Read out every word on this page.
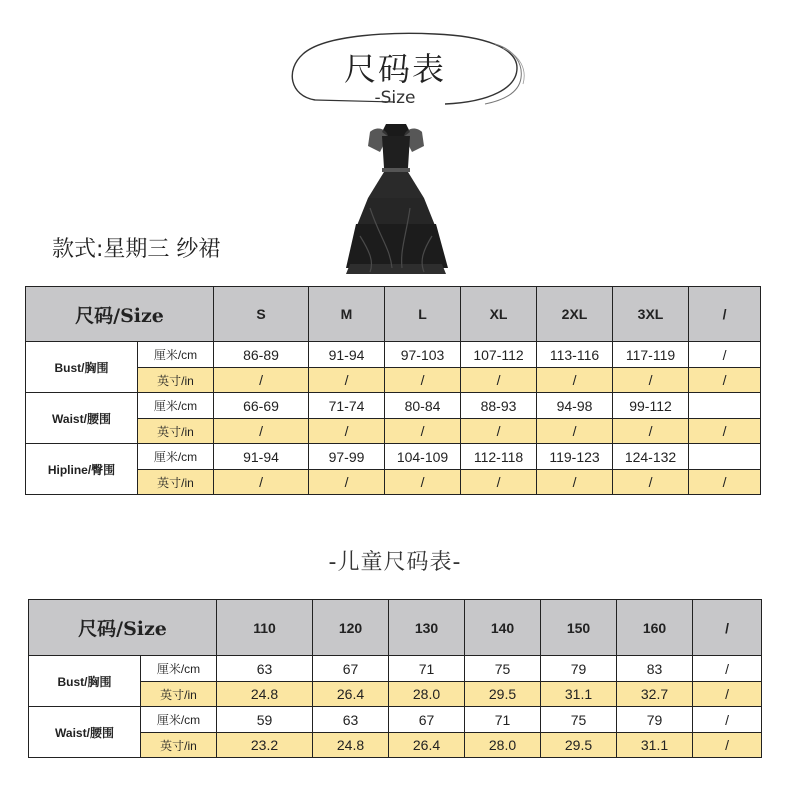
尺码表
-Size
款式:星期三 纱裙
尺码/Size		S	M	L	XL	2XL	3XL	/
Bust/胸围	厘米/cm	86-89	91-94	97-103	107-112	113-116	117-119	/
	英寸/in	/	/	/	/	/	/	/
Waist/腰围	厘米/cm	66-69	71-74	80-84	88-93	94-98	99-112	
	英寸/in	/	/	/	/	/	/	/
Hipline/臀围	厘米/cm	91-94	97-99	104-109	112-118	119-123	124-132	
	英寸/in	/	/	/	/	/	/	/
-儿童尺码表-
尺码/Size		110	120	130	140	150	160	/
Bust/胸围	厘米/cm	63	67	71	75	79	83	/
	英寸/in	24.8	26.4	28.0	29.5	31.1	32.7	/
Waist/腰围	厘米/cm	59	63	67	71	75	79	/
	英寸/in	23.2	24.8	26.4	28.0	29.5	31.1	/
